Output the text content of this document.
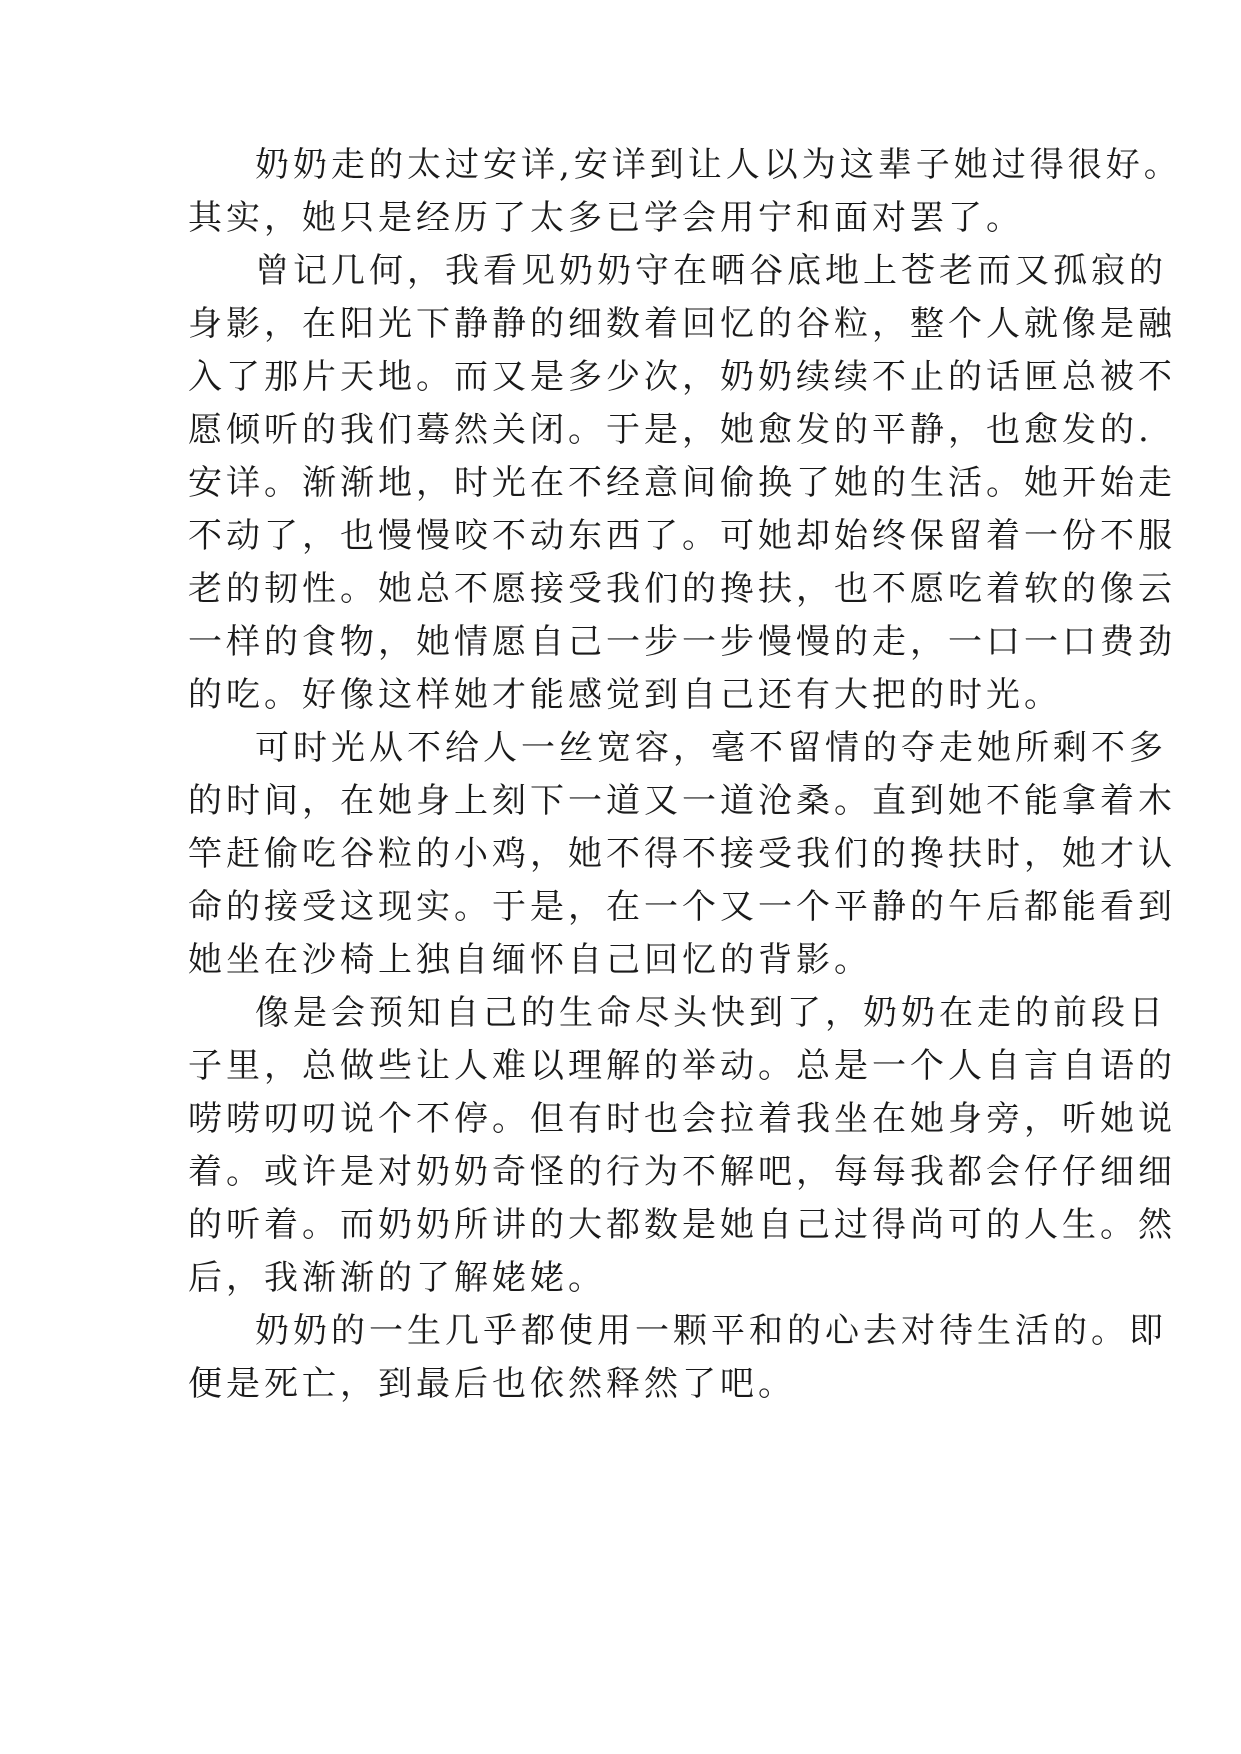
奶奶走的太过安详,安详到让人以为这辈子她过得很好。
其实，她只是经历了太多已学会用宁和面对罢了。
曾记几何，我看见奶奶守在晒谷底地上苍老而又孤寂的
身影，在阳光下静静的细数着回忆的谷粒，整个人就像是融
入了那片天地。而又是多少次，奶奶续续不止的话匣总被不
愿倾听的我们蓦然关闭。于是，她愈发的平静，也愈发的.
安详。渐渐地，时光在不经意间偷换了她的生活。她开始走
不动了，也慢慢咬不动东西了。可她却始终保留着一份不服
老的韧性。她总不愿接受我们的搀扶，也不愿吃着软的像云
一样的食物，她情愿自己一步一步慢慢的走，一口一口费劲
的吃。好像这样她才能感觉到自己还有大把的时光。
可时光从不给人一丝宽容，毫不留情的夺走她所剩不多
的时间，在她身上刻下一道又一道沧桑。直到她不能拿着木
竿赶偷吃谷粒的小鸡，她不得不接受我们的搀扶时，她才认
命的接受这现实。于是，在一个又一个平静的午后都能看到
她坐在沙椅上独自缅怀自己回忆的背影。
像是会预知自己的生命尽头快到了，奶奶在走的前段日
子里，总做些让人难以理解的举动。总是一个人自言自语的
唠唠叨叨说个不停。但有时也会拉着我坐在她身旁，听她说
着。或许是对奶奶奇怪的行为不解吧，每每我都会仔仔细细
的听着。而奶奶所讲的大都数是她自己过得尚可的人生。然
后，我渐渐的了解姥姥。
奶奶的一生几乎都使用一颗平和的心去对待生活的。即
便是死亡，到最后也依然释然了吧。
